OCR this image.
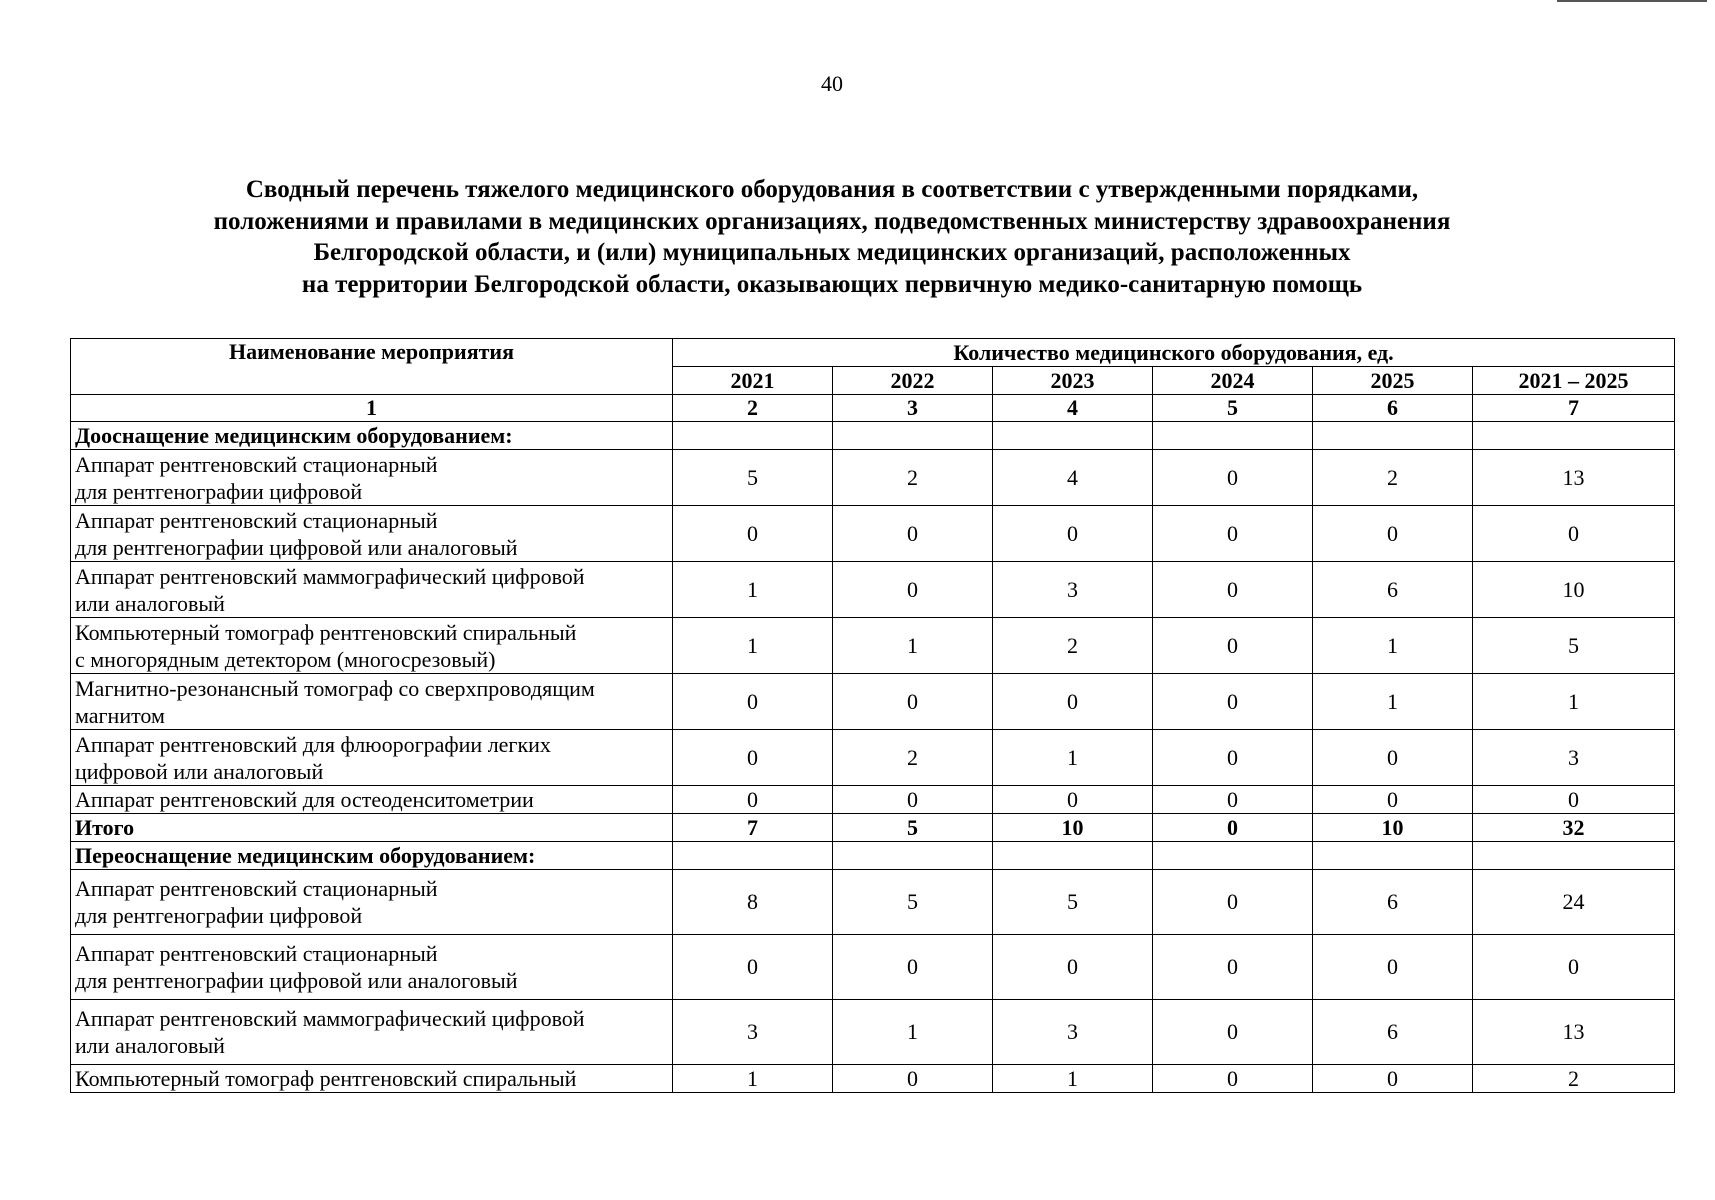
40
Сводный перечень тяжелого медицинского оборудования в соответствии с утвержденными порядками,
положениями и правилами в медицинских организациях, подведомственных министерству здравоохранения
Белгородской области, и (или) муниципальных медицинских организаций, расположенных
на территории Белгородской области, оказывающих первичную медико-санитарную помощь
Наименование мероприятия	Количество медицинского оборудования, ед.					
	2021	2022	2023	2024	2025	2021 – 2025
1	2	3	4	5	6	7
Дооснащение медицинским оборудованием:						
Аппарат рентгеновский стационарный
для рентгенографии цифровой	5	2	4	0	2	13
Аппарат рентгеновский стационарный
для рентгенографии цифровой или аналоговый	0	0	0	0	0	0
Аппарат рентгеновский маммографический цифровой
или аналоговый	1	0	3	0	6	10
Компьютерный томограф рентгеновский спиральный
с многорядным детектором (многосрезовый)	1	1	2	0	1	5
Магнитно-резонансный томограф со сверхпроводящим
магнитом	0	0	0	0	1	1
Аппарат рентгеновский для флюорографии легких
цифровой или аналоговый	0	2	1	0	0	3
Аппарат рентгеновский для остеоденситометрии	0	0	0	0	0	0
Итого	7	5	10	0	10	32
Переоснащение медицинским оборудованием:						
Аппарат рентгеновский стационарный
для рентгенографии цифровой	8	5	5	0	6	24
Аппарат рентгеновский стационарный
для рентгенографии цифровой или аналоговый	0	0	0	0	0	0
Аппарат рентгеновский маммографический цифровой
или аналоговый	3	1	3	0	6	13
Компьютерный томограф рентгеновский спиральный	1	0	1	0	0	2
